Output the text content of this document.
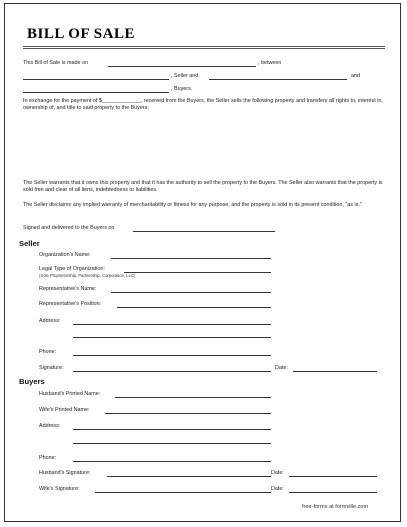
BILL OF SALE
This Bill of Sale is made on	, between
, Seller and	and
, Buyers.
In exchange for the payment of $_____________, received from the Buyers, the Seller sells the following property and transfers all rights to, interest in, ownership of, and title to said property to the Buyers:
The Seller warrants that it owns this property and that it has the authority to sell the property to the Buyers. The Seller also warrants that the property is sold free and clear of all liens, indebtedness or liabilities.
The Seller disclaims any implied warranty of merchantability or fitness for any purpose, and the property is sold in its present condition, "as is."
Signed and delivered to the Buyers on
Seller
Organization's Name:
Legal Type of Organization:
(Sole Proprietorship, Partnership, Corporation, LLC)
Representative's Name:
Representative's Position:
Address:
Phone:
Signature:	Date:
Buyers
Husband's Printed Name:
Wife's Printed Name:
Address:
Phone:
Husband's Signature:	Date:
Wife's Signature:	Date:
free-forms at formville.com
